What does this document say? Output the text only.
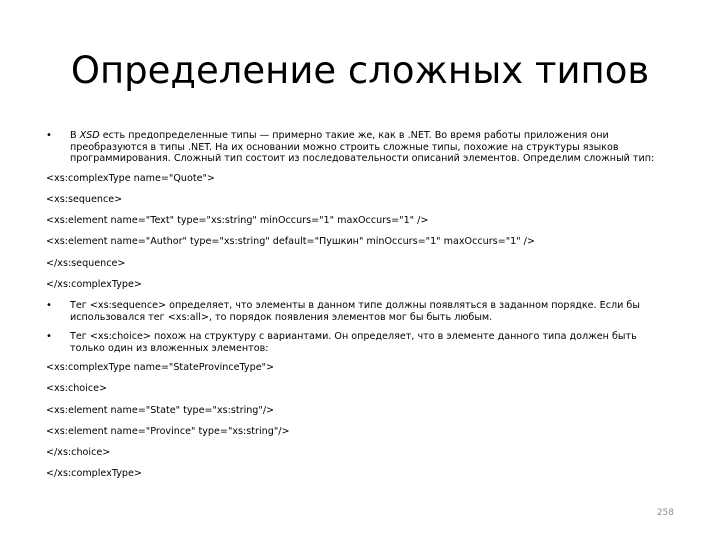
Определение сложных типов
•	В XSD есть предопределенные типы — примерно такие же, как в .NET. Во время работы приложения они преобразуются в типы .NET. На их основании можно строить сложные типы, похожие на структуры языков программирования. Сложный тип состоит из последовательности описаний элементов. Определим сложный тип:
<xs:complexType name="Quote">
<xs:sequence>
<xs:element name="Text" type="xs:string" minOccurs="1" maxOccurs="1" />
<xs:element name="Author" type="xs:string" default="Пушкин" minOccurs="1" maxOccurs="1" />
</xs:sequence>
</xs:complexType>
•	Тег <xs:sequence> определяет, что элементы в данном типе должны появляться в заданном порядке. Если бы использовался тег <xs:all>, то порядок появления элементов мог бы быть любым.
•	Тег <xs:choice> похож на структуру с вариантами. Он определяет, что в элементе данного типа должен быть только один из вложенных элементов:
<xs:complexType name="StateProvinceType">
<xs:choice>
<xs:element name="State" type="xs:string"/>
<xs:element name="Province" type="xs:string"/>
</xs:choice>
</xs:complexType>
258
